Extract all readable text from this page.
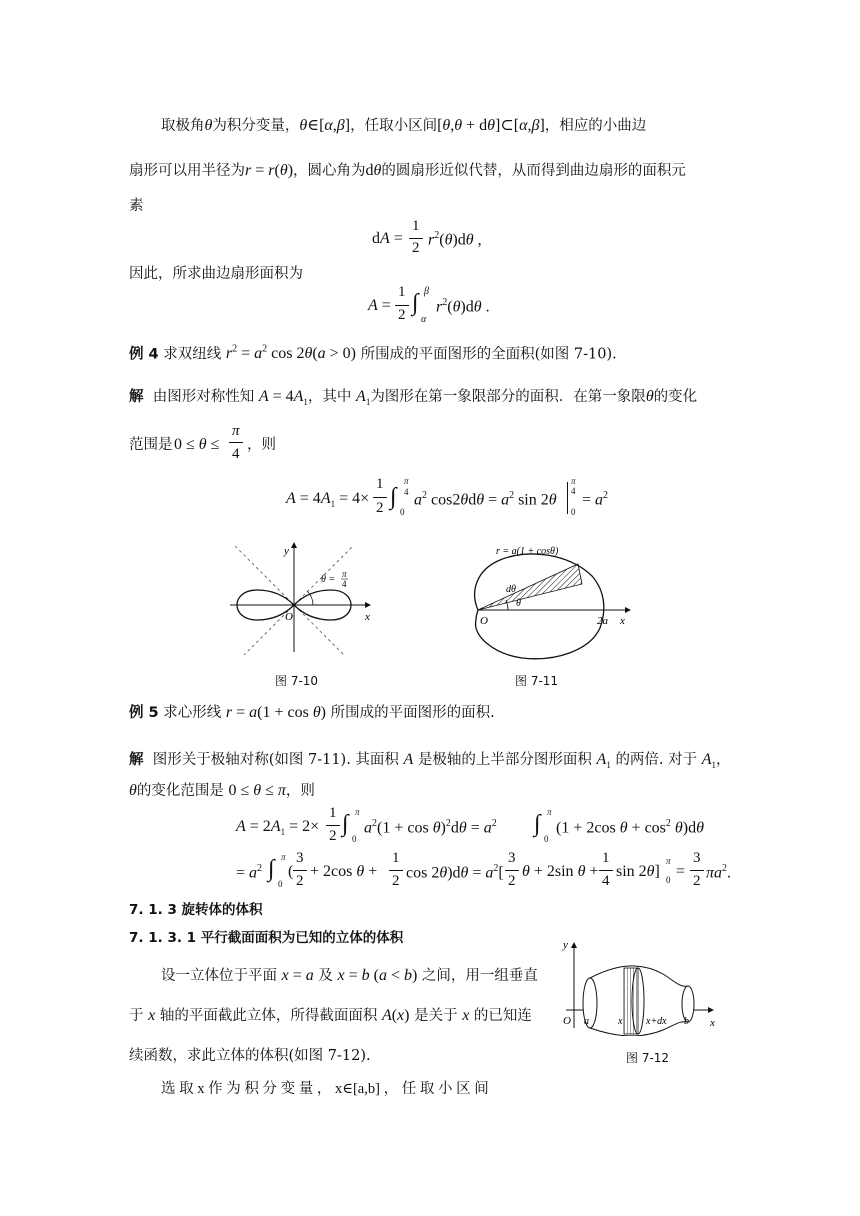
取极角θ为积分变量，θ∈[α,β]，任取小区间[θ,θ + dθ]⊂[α,β]，相应的小曲边
扇形可以用半径为r = r(θ)，圆心角为dθ的圆扇形近似代替，从而得到曲边扇形的面积元
素
dA =
1
2 $r^2(\theta)d\theta$ ,
因此，所求曲边扇形面积为
A =
1
2 ∫ β
α
$r^2(\theta)d\theta$ .
例 4 求双纽线 $r^2 = a^2$ cos 2θ(a > 0) 所围成的平面图形的全面积(如图 7-10).
解  由图形对称性知 $A = 4A_1$，其中 $A_1$为图形在第一象限部分的面积．在第一象限θ的变化
范围是 0 ≤ θ ≤
π
4
，则
$A = 4A_1 = 4\times$
1
2 ∫
π
4
0
$a^2$ $\cos 2\theta d\theta = a^2$ sin 2θ
π
4
0
= $a^2$
y
x
O
θ = π
4
图 7-10
r = a(1 + cosθ)
dθ
θ
O	2a x
图 7-11
例 5 求心形线 r = a(1 + cos θ) 所围成的平面图形的面积.
解  图形关于极轴对称(如图 7-11). 其面积 A 是极轴的上半部分图形面积 $A_1$ 的两倍. 对于 $A_1$，
θ的变化范围是 0 ≤ θ ≤ π，则
$A = 2A_1 = 2\times$
1
2 ∫ π
0
$a^2(1 + \cos \theta)^2d\theta = a^2$ ∫ π
0
(1 + 2cos $\theta + \cos^2 \theta)d\theta$
= $a^2$ ∫ π
0
(
3
2
+ 2cos θ +
1
2 $\cos 2\theta)d\theta = a^2$[
3
2
θ + 2sin θ +
1
4
sin 2θ]
π
0 =
3
2 $\pi a^2$.
7. 1. 3 旋转体的体积
7. 1. 3. 1 平行截面面积为已知的立体的体积
设一立体位于平面 x = a 及 x = b (a < b) 之间，用一组垂直
于 x 轴的平面截此立体，所得截面面积 A(x) 是关于 x 的已知连
续函数，求此立体的体积(如图 7-12).
y
x
O a	x x+dx b
图 7-12
选 取 x 作 为 积 分 变 量 ， x∈[a,b] ， 任 取 小 区 间
